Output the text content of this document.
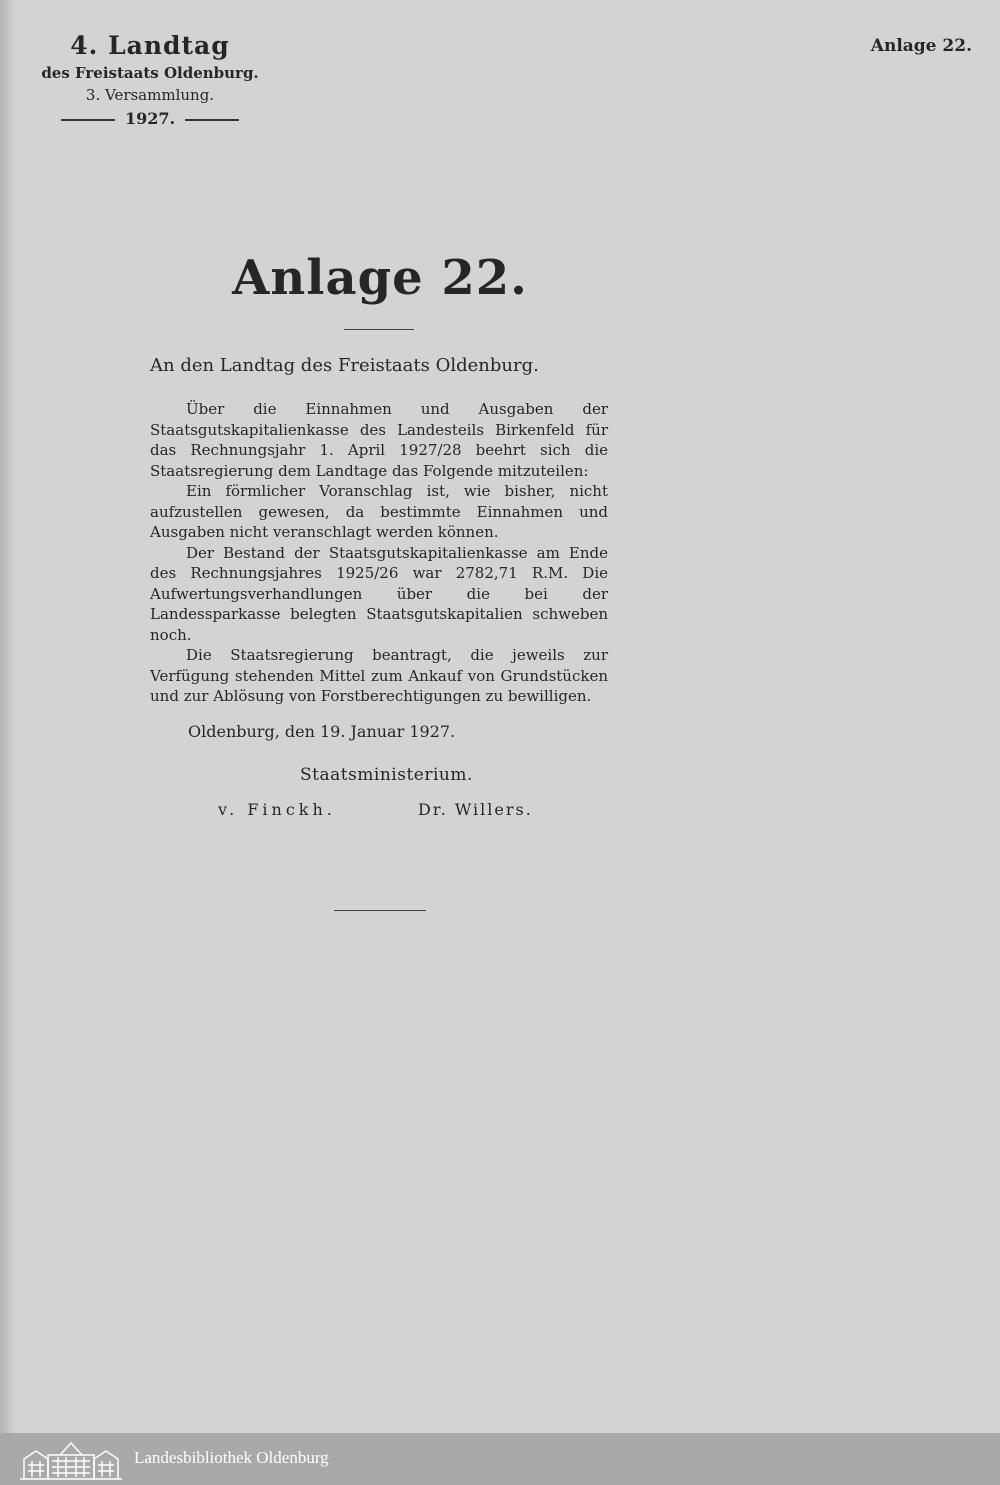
4. Landtag
des Freistaats Oldenburg.
3. Versammlung.
1927.
Anlage 22.
Anlage 22.
An den Landtag des Freistaats Oldenburg.

Über die Einnahmen und Ausgaben der Staatsgutskapitalienkasse des Landesteils Birkenfeld für das Rechnungsjahr 1. April 1927/28 beehrt sich die Staatsregierung dem Landtage das Folgende mitzuteilen:

Ein förmlicher Voranschlag ist, wie bisher, nicht aufzustellen gewesen, da bestimmte Einnahmen und Ausgaben nicht veranschlagt werden können.

Der Bestand der Staatsgutskapitalienkasse am Ende des Rechnungsjahres 1925/26 war 2782,71 R.M. Die Aufwertungsverhandlungen über die bei der Landessparkasse belegten Staatsgutskapitalien schweben noch.

Die Staatsregierung beantragt, die jeweils zur Verfügung stehenden Mittel zum Ankauf von Grundstücken und zur Ablösung von Forstberechtigungen zu bewilligen.

Oldenburg, den 19. Januar 1927.
Staatsministerium.
v. Finckh.	Dr. Willers.
Landesbibliothek Oldenburg
